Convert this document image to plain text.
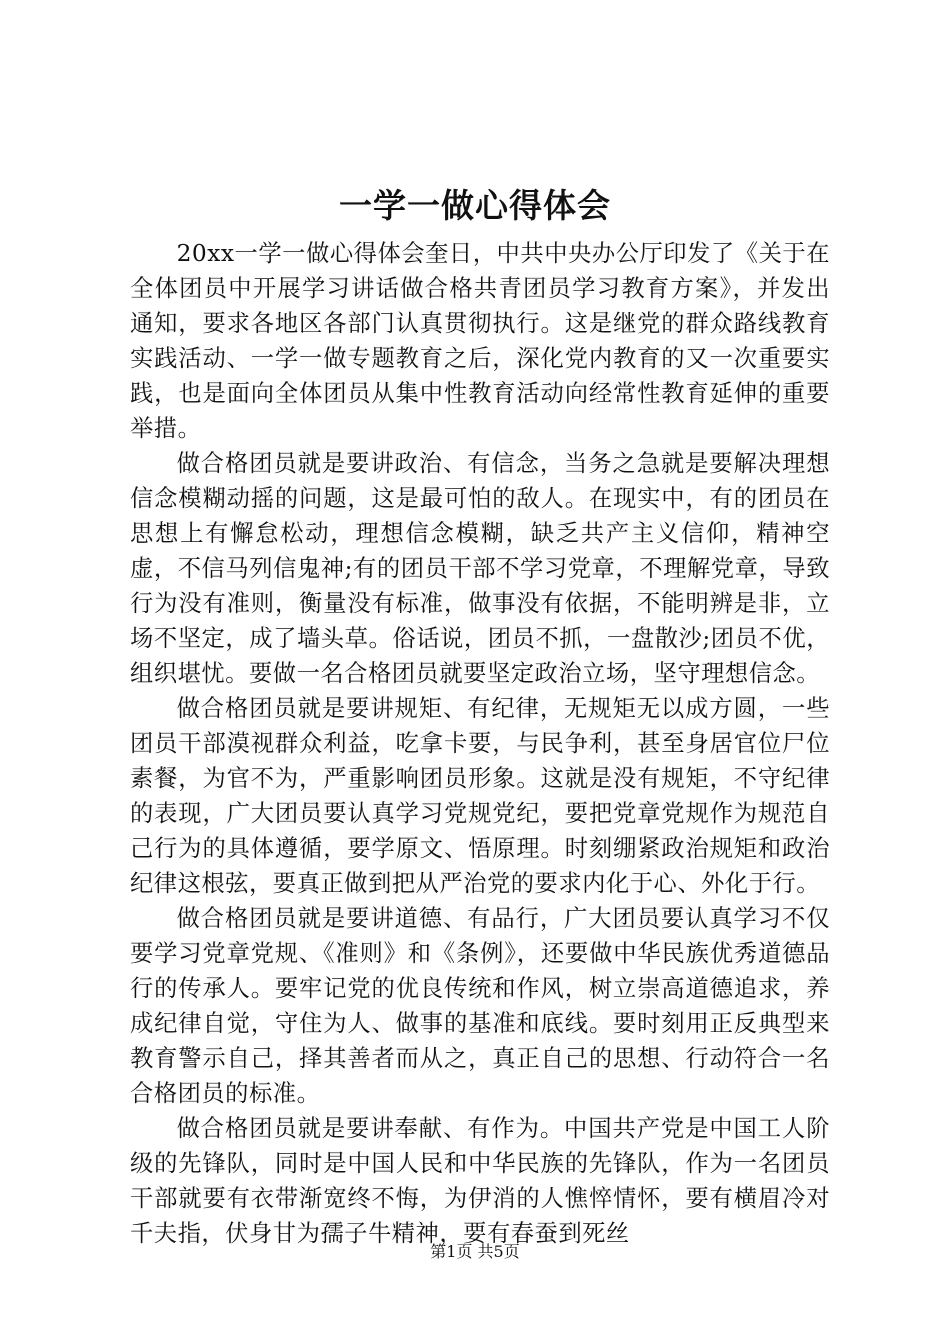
一学一做心得体会

20xx一学一做心得体会奎日，中共中央办公厅印发了《关于在全体团员中开展学习讲话做合格共青团员学习教育方案》，并发出通知，要求各地区各部门认真贯彻执行。这是继党的群众路线教育实践活动、一学一做专题教育之后，深化党内教育的又一次重要实践，也是面向全体团员从集中性教育活动向经常性教育延伸的重要举措。

做合格团员就是要讲政治、有信念，当务之急就是要解决理想信念模糊动摇的问题，这是最可怕的敌人。在现实中，有的团员在思想上有懈怠松动，理想信念模糊，缺乏共产主义信仰，精神空虚，不信马列信鬼神;有的团员干部不学习党章，不理解党章，导致行为没有准则，衡量没有标准，做事没有依据，不能明辨是非，立场不坚定，成了墙头草。俗话说，团员不抓，一盘散沙;团员不优，组织堪忧。要做一名合格团员就要坚定政治立场，坚守理想信念。

做合格团员就是要讲规矩、有纪律，无规矩无以成方圆，一些团员干部漠视群众利益，吃拿卡要，与民争利，甚至身居官位尸位素餐，为官不为，严重影响团员形象。这就是没有规矩，不守纪律的表现，广大团员要认真学习党规党纪，要把党章党规作为规范自己行为的具体遵循，要学原文、悟原理。时刻绷紧政治规矩和政治纪律这根弦，要真正做到把从严治党的要求内化于心、外化于行。

做合格团员就是要讲道德、有品行，广大团员要认真学习不仅要学习党章党规、《准则》和《条例》，还要做中华民族优秀道德品行的传承人。要牢记党的优良传统和作风，树立崇高道德追求，养成纪律自觉，守住为人、做事的基准和底线。要时刻用正反典型来教育警示自己，择其善者而从之，真正自己的思想、行动符合一名合格团员的标准。

做合格团员就是要讲奉献、有作为。中国共产党是中国工人阶级的先锋队，同时是中国人民和中华民族的先锋队，作为一名团员干部就要有衣带渐宽终不悔，为伊消的人憔悴情怀，要有横眉冷对千夫指，伏身甘为孺子牛精神，要有春蚕到死丝

第1页 共5页
